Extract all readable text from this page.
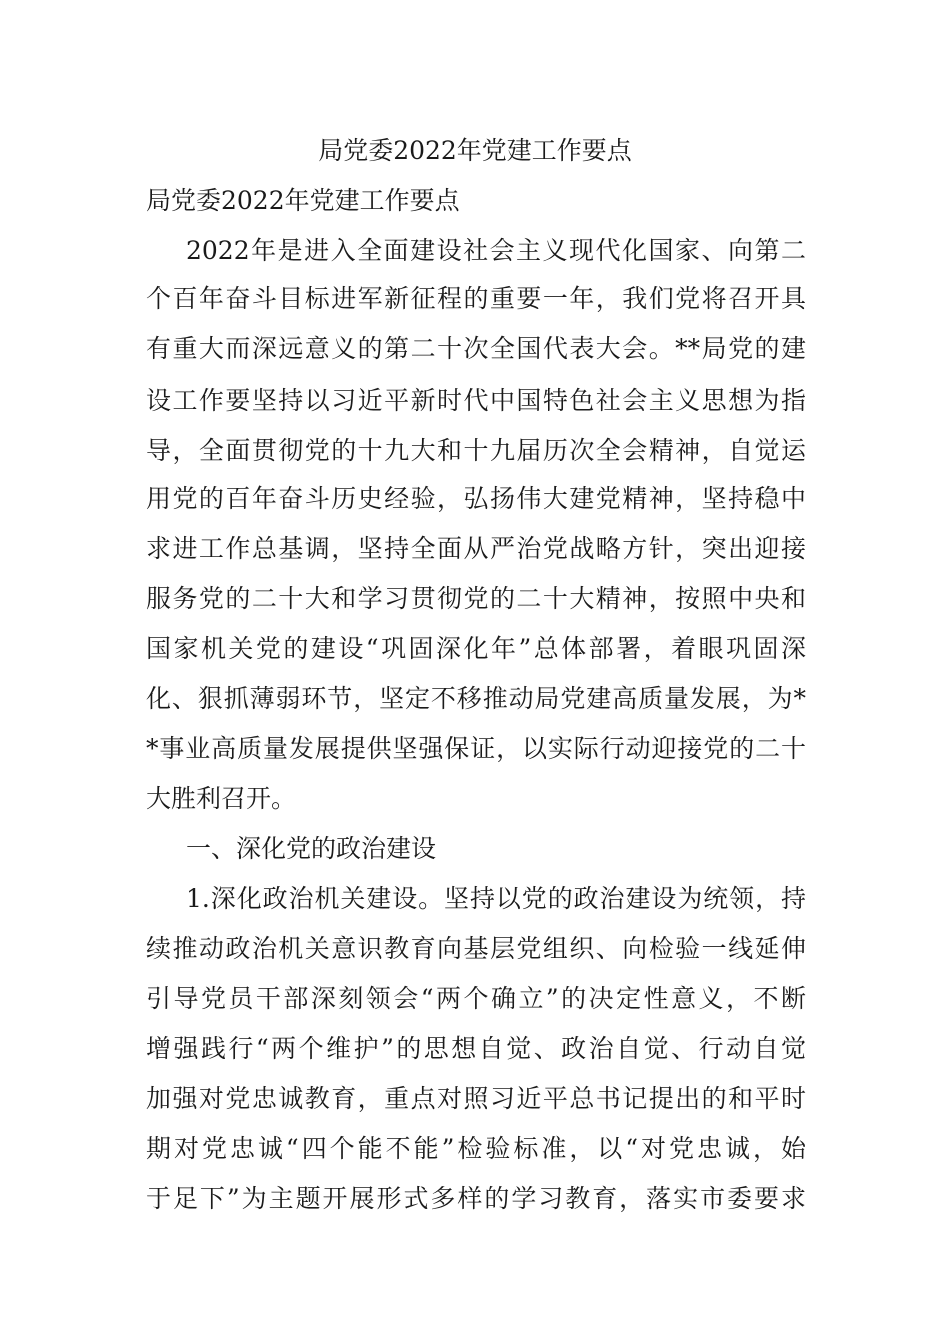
局党委2022年党建工作要点
局党委2022年党建工作要点
2022年是进入全面建设社会主义现代化国家、向第二
个百年奋斗目标进军新征程的重要一年，我们党将召开具
有重大而深远意义的第二十次全国代表大会。**局党的建
设工作要坚持以习近平新时代中国特色社会主义思想为指
导，全面贯彻党的十九大和十九届历次全会精神，自觉运
用党的百年奋斗历史经验，弘扬伟大建党精神，坚持稳中
求进工作总基调，坚持全面从严治党战略方针，突出迎接
服务党的二十大和学习贯彻党的二十大精神，按照中央和
国家机关党的建设“巩固深化年”总体部署，着眼巩固深
化、狠抓薄弱环节，坚定不移推动局党建高质量发展，为*
*事业高质量发展提供坚强保证，以实际行动迎接党的二十
大胜利召开。
一、深化党的政治建设
1.深化政治机关建设。坚持以党的政治建设为统领，持
续推动政治机关意识教育向基层党组织、向检验一线延伸
引导党员干部深刻领会“两个确立”的决定性意义，不断
增强践行“两个维护”的思想自觉、政治自觉、行动自觉
加强对党忠诚教育，重点对照习近平总书记提出的和平时
期对党忠诚“四个能不能”检验标准，以“对党忠诚，始
于足下”为主题开展形式多样的学习教育，落实市委要求
